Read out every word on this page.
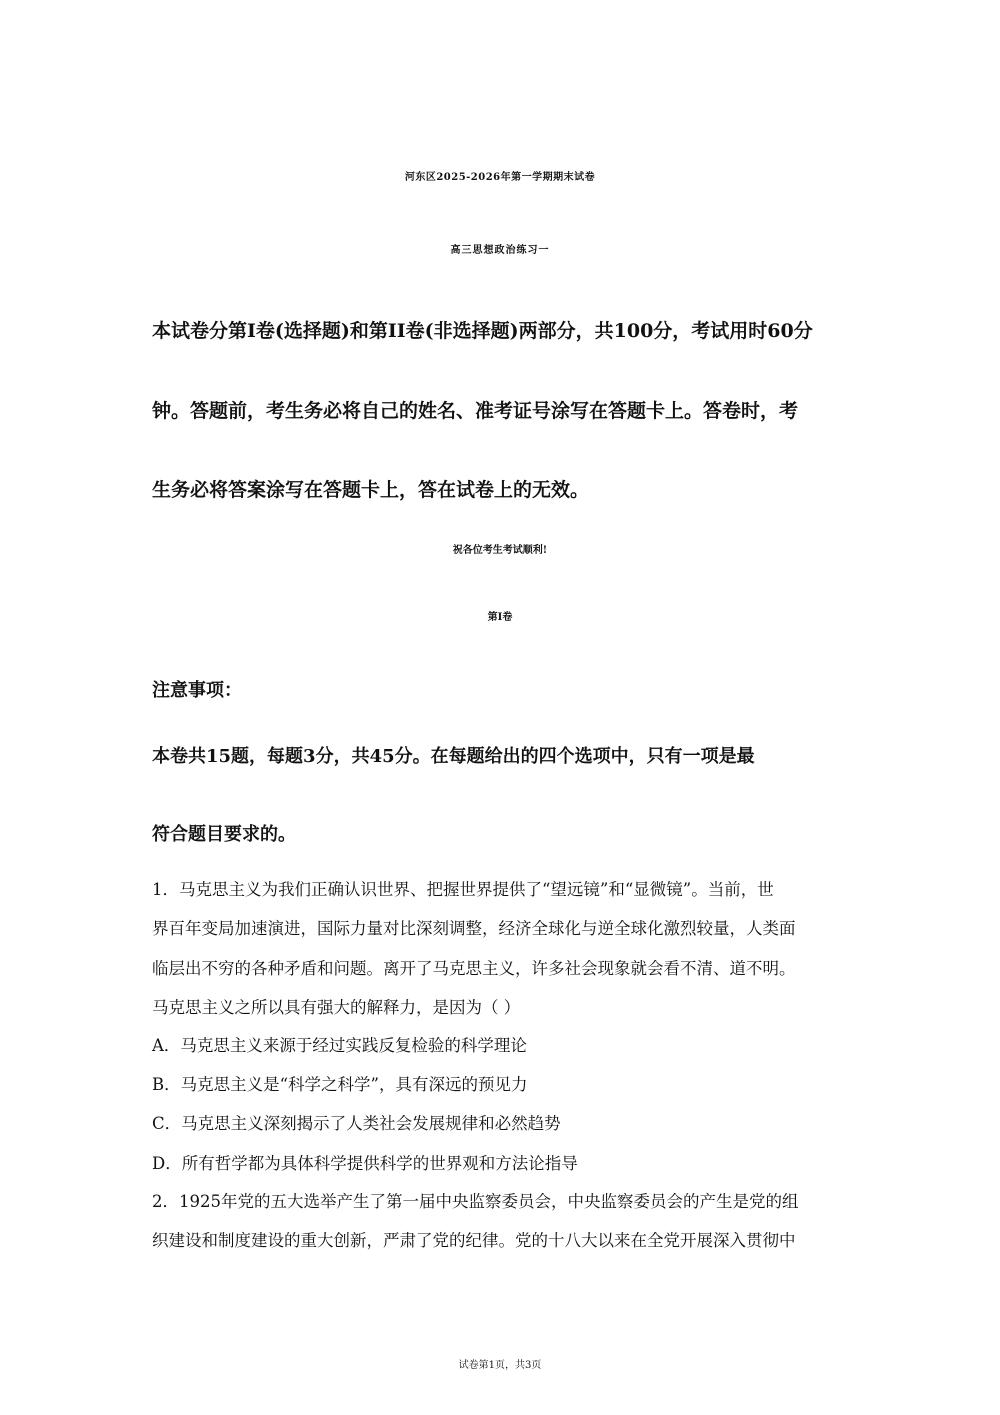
河东区2025-2026年第一学期期末试卷
高三思想政治练习一
本试卷分第I卷(选择题)和第II卷(非选择题)两部分，共100分，考试用时60分
钟。答题前，考生务必将自己的姓名、准考证号涂写在答题卡上。答卷时，考
生务必将答案涂写在答题卡上，答在试卷上的无效。
祝各位考生考试顺利!
第I卷
注意事项：
本卷共15题，每题3分，共45分。在每题给出的四个选项中，只有一项是最
符合题目要求的。
1．马克思主义为我们正确认识世界、把握世界提供了“望远镜”和“显微镜”。当前，世
界百年变局加速演进，国际力量对比深刻调整，经济全球化与逆全球化激烈较量，人类面
临层出不穷的各种矛盾和问题。离开了马克思主义，许多社会现象就会看不清、道不明。
马克思主义之所以具有强大的解释力，是因为（ ）
A．马克思主义来源于经过实践反复检验的科学理论
B．马克思主义是“科学之科学”，具有深远的预见力
C．马克思主义深刻揭示了人类社会发展规律和必然趋势
D．所有哲学都为具体科学提供科学的世界观和方法论指导
2．1925年党的五大选举产生了第一届中央监察委员会，中央监察委员会的产生是党的组
织建设和制度建设的重大创新，严肃了党的纪律。党的十八大以来在全党开展深入贯彻中
试卷第1页，共3页
